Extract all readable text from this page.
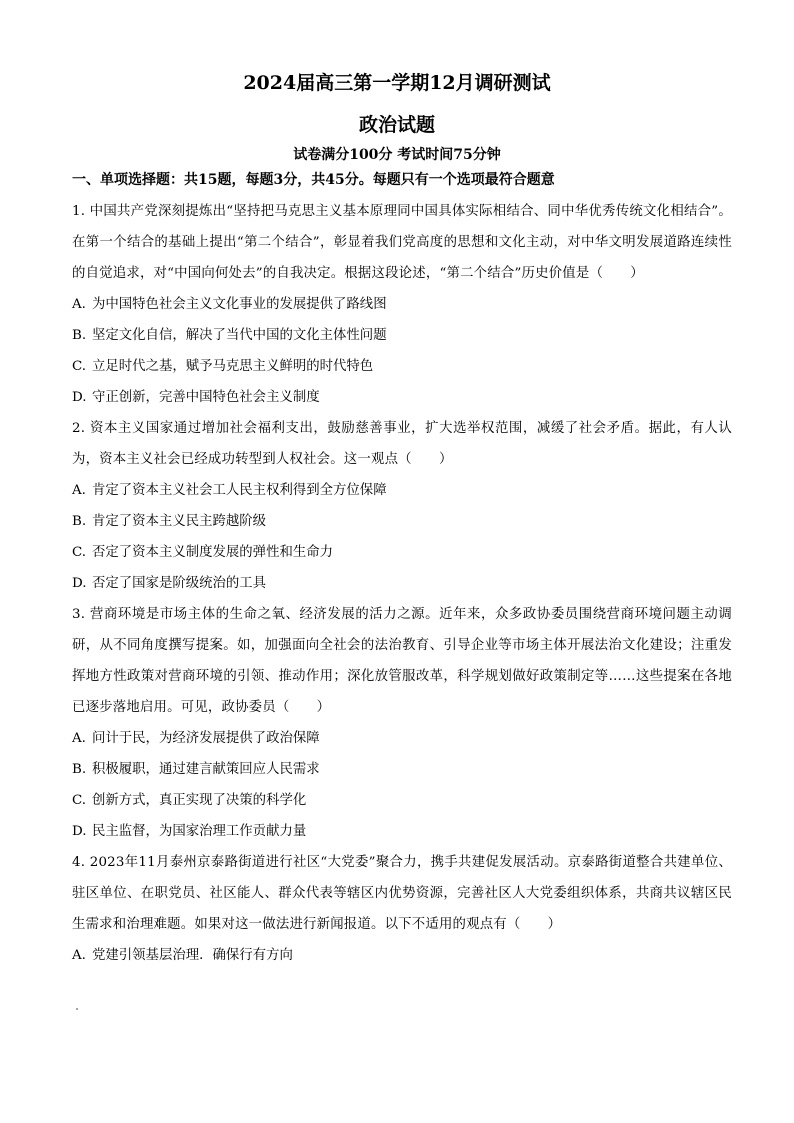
2024届高三第一学期12月调研测试
政治试题
试卷满分100分 考试时间75分钟
一、单项选择题：共15题，每题3分，共45分。每题只有一个选项最符合题意

1. 中国共产党深刻提炼出“坚持把马克思主义基本原理同中国具体实际相结合、同中华优秀传统文化相结合”。在第一个结合的基础上提出“第二个结合”，彰显着我们党高度的思想和文化主动，对中华文明发展道路连续性的自觉追求，对“中国向何处去”的自我决定。根据这段论述，“第二个结合”历史价值是（　　）

A. 为中国特色社会主义文化事业的发展提供了路线图

B. 坚定文化自信，解决了当代中国的文化主体性问题

C. 立足时代之基，赋予马克思主义鲜明的时代特色

D. 守正创新，完善中国特色社会主义制度

2. 资本主义国家通过增加社会福利支出，鼓励慈善事业，扩大选举权范围，减缓了社会矛盾。据此，有人认为，资本主义社会已经成功转型到人权社会。这一观点（　　）

A. 肯定了资本主义社会工人民主权利得到全方位保障

B. 肯定了资本主义民主跨越阶级

C. 否定了资本主义制度发展的弹性和生命力

D. 否定了国家是阶级统治的工具

3. 营商环境是市场主体的生命之氧、经济发展的活力之源。近年来，众多政协委员围绕营商环境问题主动调研，从不同角度撰写提案。如，加强面向全社会的法治教育、引导企业等市场主体开展法治文化建设；注重发挥地方性政策对营商环境的引领、推动作用；深化放管服改革，科学规划做好政策制定等……这些提案在各地已逐步落地启用。可见，政协委员（　　）

A. 问计于民，为经济发展提供了政治保障

B. 积极履职，通过建言献策回应人民需求

C. 创新方式，真正实现了决策的科学化

D. 民主监督，为国家治理工作贡献力量

4. 2023年11月泰州京泰路街道进行社区“大党委”聚合力，携手共建促发展活动。京泰路街道整合共建单位、驻区单位、在职党员、社区能人、群众代表等辖区内优势资源，完善社区人大党委组织体系，共商共议辖区民生需求和治理难题。如果对这一做法进行新闻报道。以下不适用的观点有（　　）

A. 党建引领基层治理．确保行有方向
